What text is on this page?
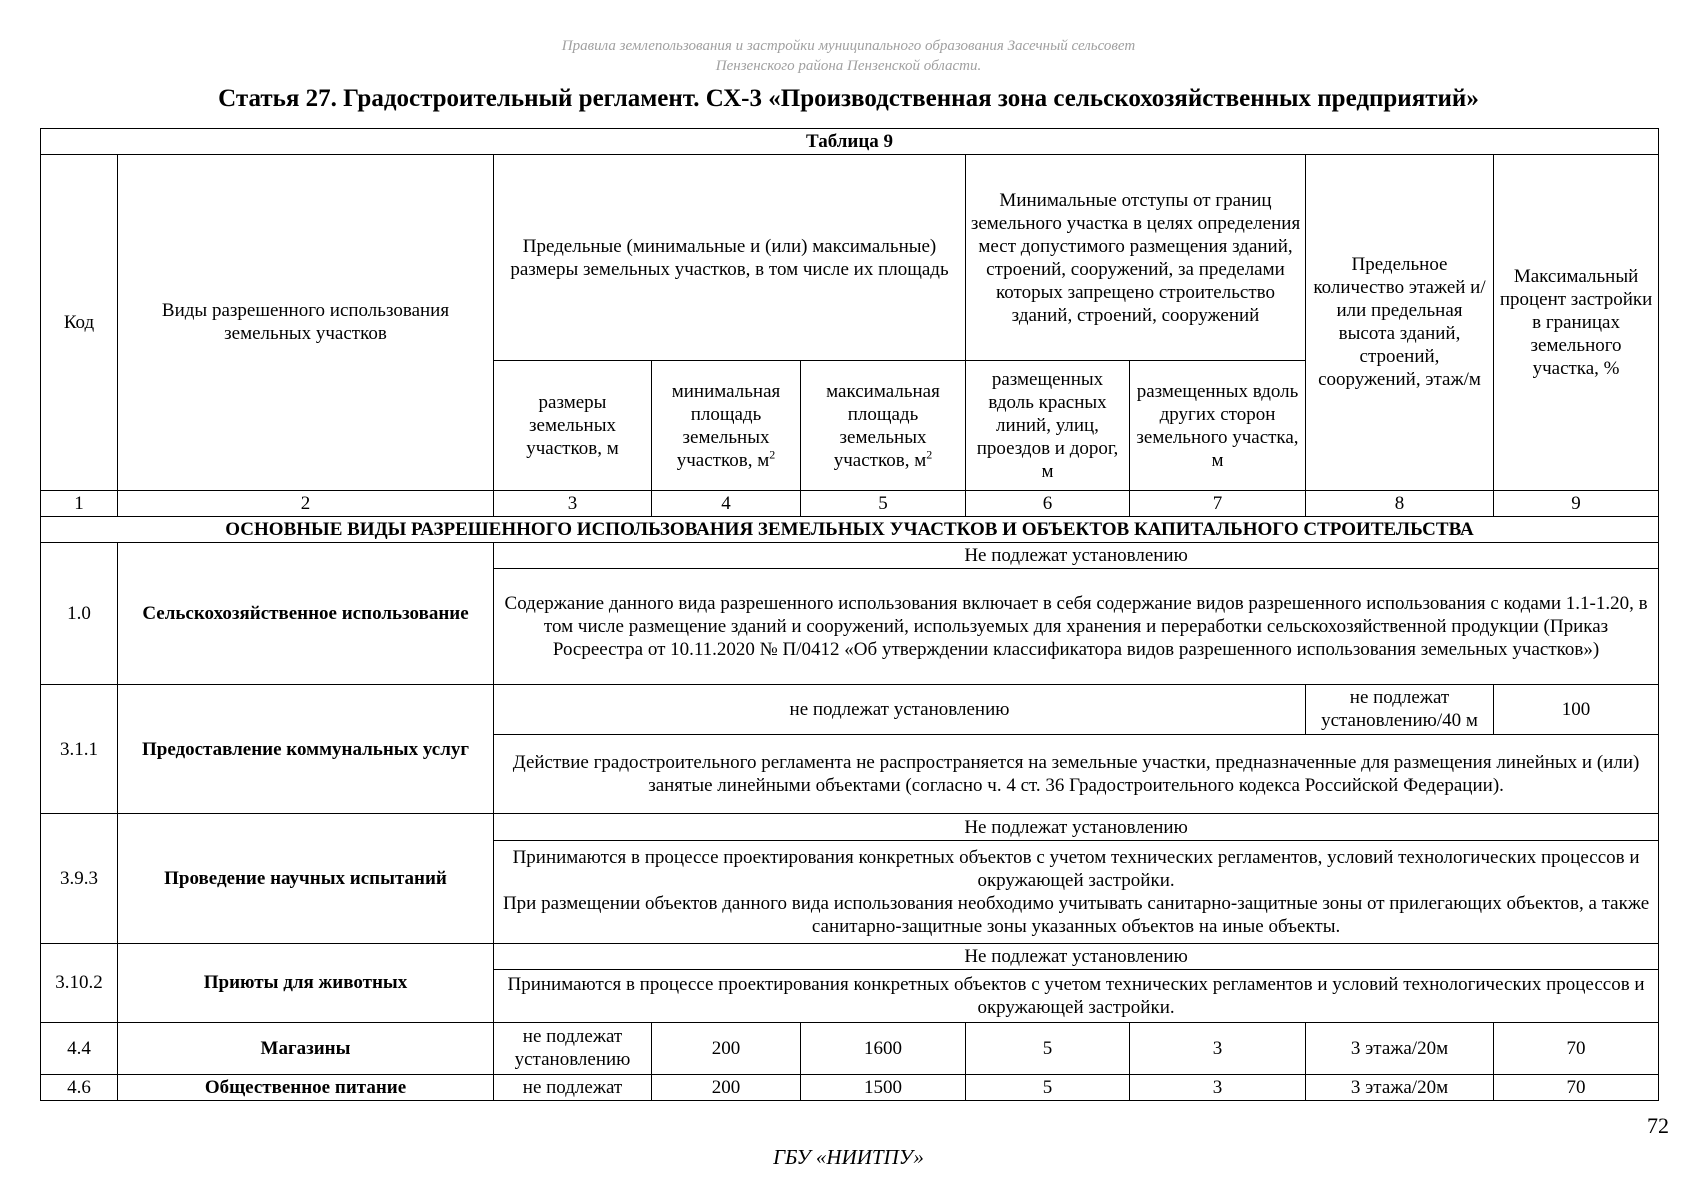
Правила землепользования и застройки муниципального образования Засечный сельсовет
Пензенского района Пензенской области.
Статья 27. Градостроительный регламент. СХ-3 «Производственная зона сельскохозяйственных предприятий»
Таблица 9								
Код	Виды разрешенного использования земельных участков	Предельные (минимальные и (или) максимальные) размеры земельных участков, в том числе их площадь			Минимальные отступы от границ земельного участка в целях определения мест допустимого размещения зданий, строений, сооружений, за пределами которых запрещено строительство зданий, строений, сооружений		Предельное количество этажей и/или предельная высота зданий, строений, сооружений, этаж/м	Максимальный процент застройки в границах земельного участка, %
		размеры земельных участков, м	минимальная площадь земельных участков, $м^2$	максимальная площадь земельных участков, $м^2$	размещенных вдоль красных линий, улиц, проездов и дорог, м	размещенных вдоль других сторон земельного участка, м		
1	2	3	4	5	6	7	8	9
ОСНОВНЫЕ ВИДЫ РАЗРЕШЕННОГО ИСПОЛЬЗОВАНИЯ ЗЕМЕЛЬНЫХ УЧАСТКОВ И ОБЪЕКТОВ КАПИТАЛЬНОГО СТРОИТЕЛЬСТВА								
1.0	Сельскохозяйственное использование	Не подлежат установлению						
		Содержание данного вида разрешенного использования включает в себя содержание видов разрешенного использования с кодами 1.1-1.20, в том числе размещение зданий и сооружений, используемых для хранения и переработки сельскохозяйственной продукции (Приказ Росреестра от 10.11.2020 № П/0412 «Об утверждении классификатора видов разрешенного использования земельных участков»)						
3.1.1	Предоставление коммунальных услуг	не подлежат установлению					не подлежат установлению/40 м	100
		Действие градостроительного регламента не распространяется на земельные участки, предназначенные для размещения линейных и (или) занятые линейными объектами (согласно ч. 4 ст. 36 Градостроительного кодекса Российской Федерации).						
3.9.3	Проведение научных испытаний	Не подлежат установлению						

		Принимаются в процессе проектирования конкретных объектов с учетом технических регламентов, условий технологических процессов и окружающей застройки.
При размещении объектов данного вида использования необходимо учитывать санитарно-защитные зоны от прилегающих объектов, а также санитарно-защитные зоны указанных объектов на иные объекты.						

3.10.2	Приюты для животных	Не подлежат установлению						
		Принимаются в процессе проектирования конкретных объектов с учетом технических регламентов и условий технологических процессов и окружающей застройки.						
4.4	Магазины	не подлежат установлению	200	1600	5	3	3 этажа/20м	70
4.6	Общественное питание	не подлежат	200	1500	5	3	3 этажа/20м	70
72
ГБУ «НИИТПУ»
